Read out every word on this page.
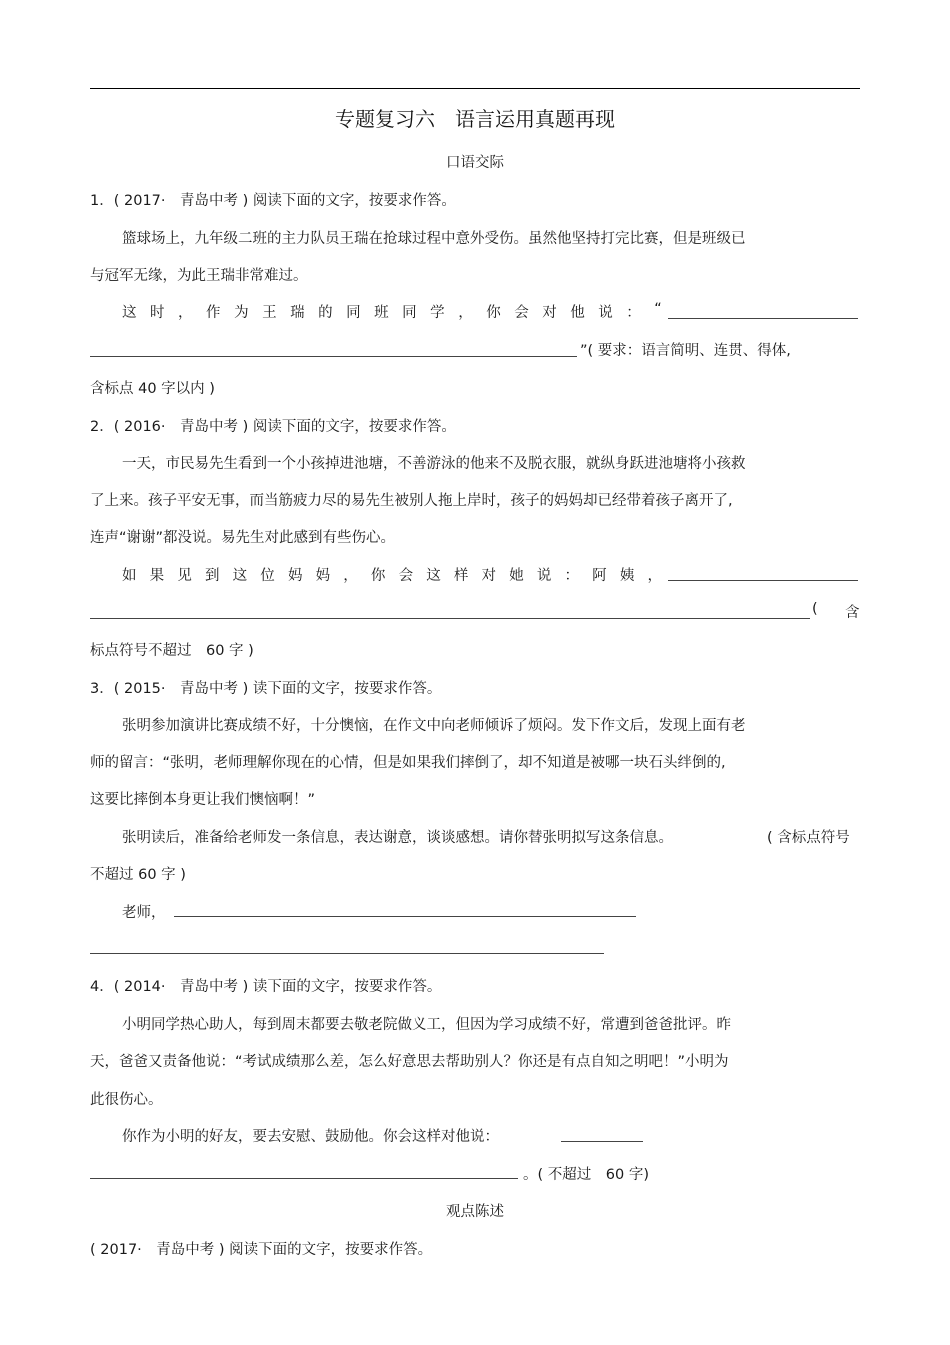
专题复习六　语言运用真题再现
口语交际
1．( 2017·　青岛中考 ) 阅读下面的文字，按要求作答。
篮球场上，九年级二班的主力队员王瑞在抢球过程中意外受伤。虽然他坚持打完比赛，但是班级已
与冠军无缘，为此王瑞非常难过。
这 时 ， 作 为 王 瑞 的 同 班 同 学 ， 你 会 对 他 说 ： “
”( 要求：语言简明、连贯、得体,
含标点 40 字以内 )
2．( 2016·　青岛中考 ) 阅读下面的文字，按要求作答。
一天，市民易先生看到一个小孩掉进池塘，不善游泳的他来不及脱衣服，就纵身跃进池塘将小孩救
了上来。孩子平安无事，而当筋疲力尽的易先生被别人拖上岸时，孩子的妈妈却已经带着孩子离开了,
连声“谢谢”都没说。易先生对此感到有些伤心。
如 果 见 到 这 位 妈 妈 ， 你 会 这 样 对 她 说 ： 阿 姨 ，
( 含
标点符号不超过　60 字 )
3．( 2015·　青岛中考 ) 读下面的文字，按要求作答。
张明参加演讲比赛成绩不好，十分懊恼，在作文中向老师倾诉了烦闷。发下作文后，发现上面有老
师的留言：“张明，老师理解你现在的心情，但是如果我们摔倒了，却不知道是被哪一块石头绊倒的,
这要比摔倒本身更让我们懊恼啊！”
张明读后，准备给老师发一条信息，表达谢意，谈谈感想。请你替张明拟写这条信息。	( 含标点符号
不超过 60 字 )
老师，
4．( 2014·　青岛中考 ) 读下面的文字，按要求作答。
小明同学热心助人，每到周末都要去敬老院做义工，但因为学习成绩不好，常遭到爸爸批评。昨
天，爸爸又责备他说：“考试成绩那么差，怎么好意思去帮助别人？你还是有点自知之明吧！”小明为
此很伤心。
你作为小明的好友，要去安慰、鼓励他。你会这样对他说：
。( 不超过　60 字)
观点陈述
( 2017·　青岛中考 ) 阅读下面的文字，按要求作答。
